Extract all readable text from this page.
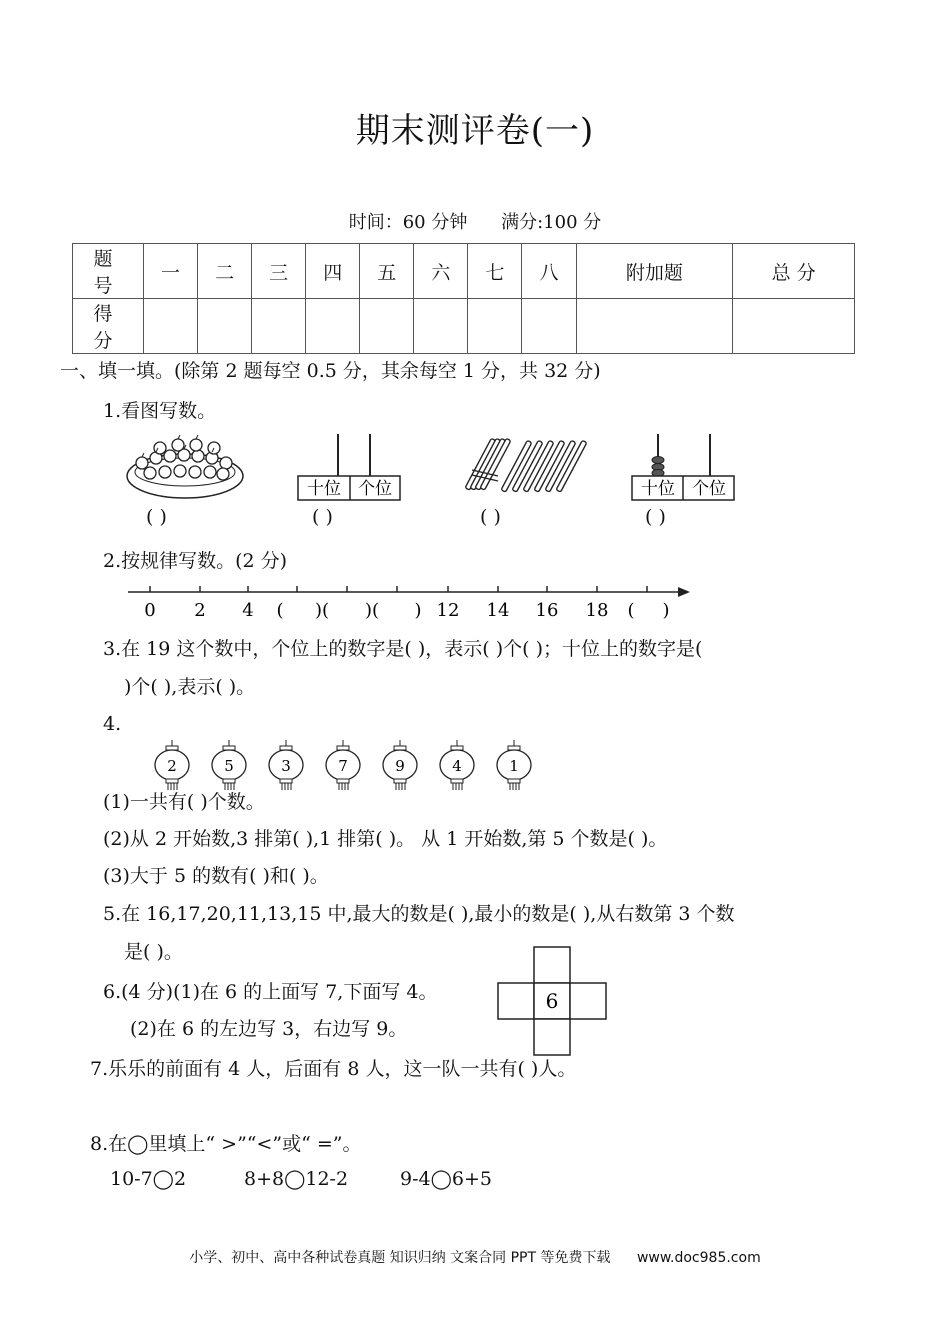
期末测评卷(一)
时间：60 分钟 满分:100 分
题 号	一	二	三	四	五	六	七	八	附加题	总 分
得 分										
一、填一填。(除第 2 题每空 0.5 分，其余每空 1 分，共 32 分)
1.看图写数。
十位 个位	十位 个位
( )	( )	( )	( )
2.按规律写数。(2 分)
0 2 4 ( )( )( ) 12 14 16 18 ( )
3.在 19 这个数中，个位上的数字是( )，表示( )个( )；十位上的数字是(
)个( ),表示( )。
4.
2	5	3	7	9	4	1
(1)一共有( )个数。
(2)从 2 开始数,3 排第( ),1 排第( )。 从 1 开始数,第 5 个数是( )。
(3)大于 5 的数有( )和( )。
5.在 16,17,20,11,13,15 中,最大的数是( ),最小的数是( ),从右数第 3 个数
是( )。
6.(4 分)(1)在 6 的上面写 7,下面写 4。
(2)在 6 的左边写 3，右边写 9。
6
7.乐乐的前面有 4 人，后面有 8 人，这一队一共有( )人。
8.在◯里填上“ >”“<”或“ =”。
10-7◯2	8+8◯12-2	9-4◯6+5
小学、初中、高中各种试卷真题 知识归纳 文案合同 PPT 等免费下载 www.doc985.com
